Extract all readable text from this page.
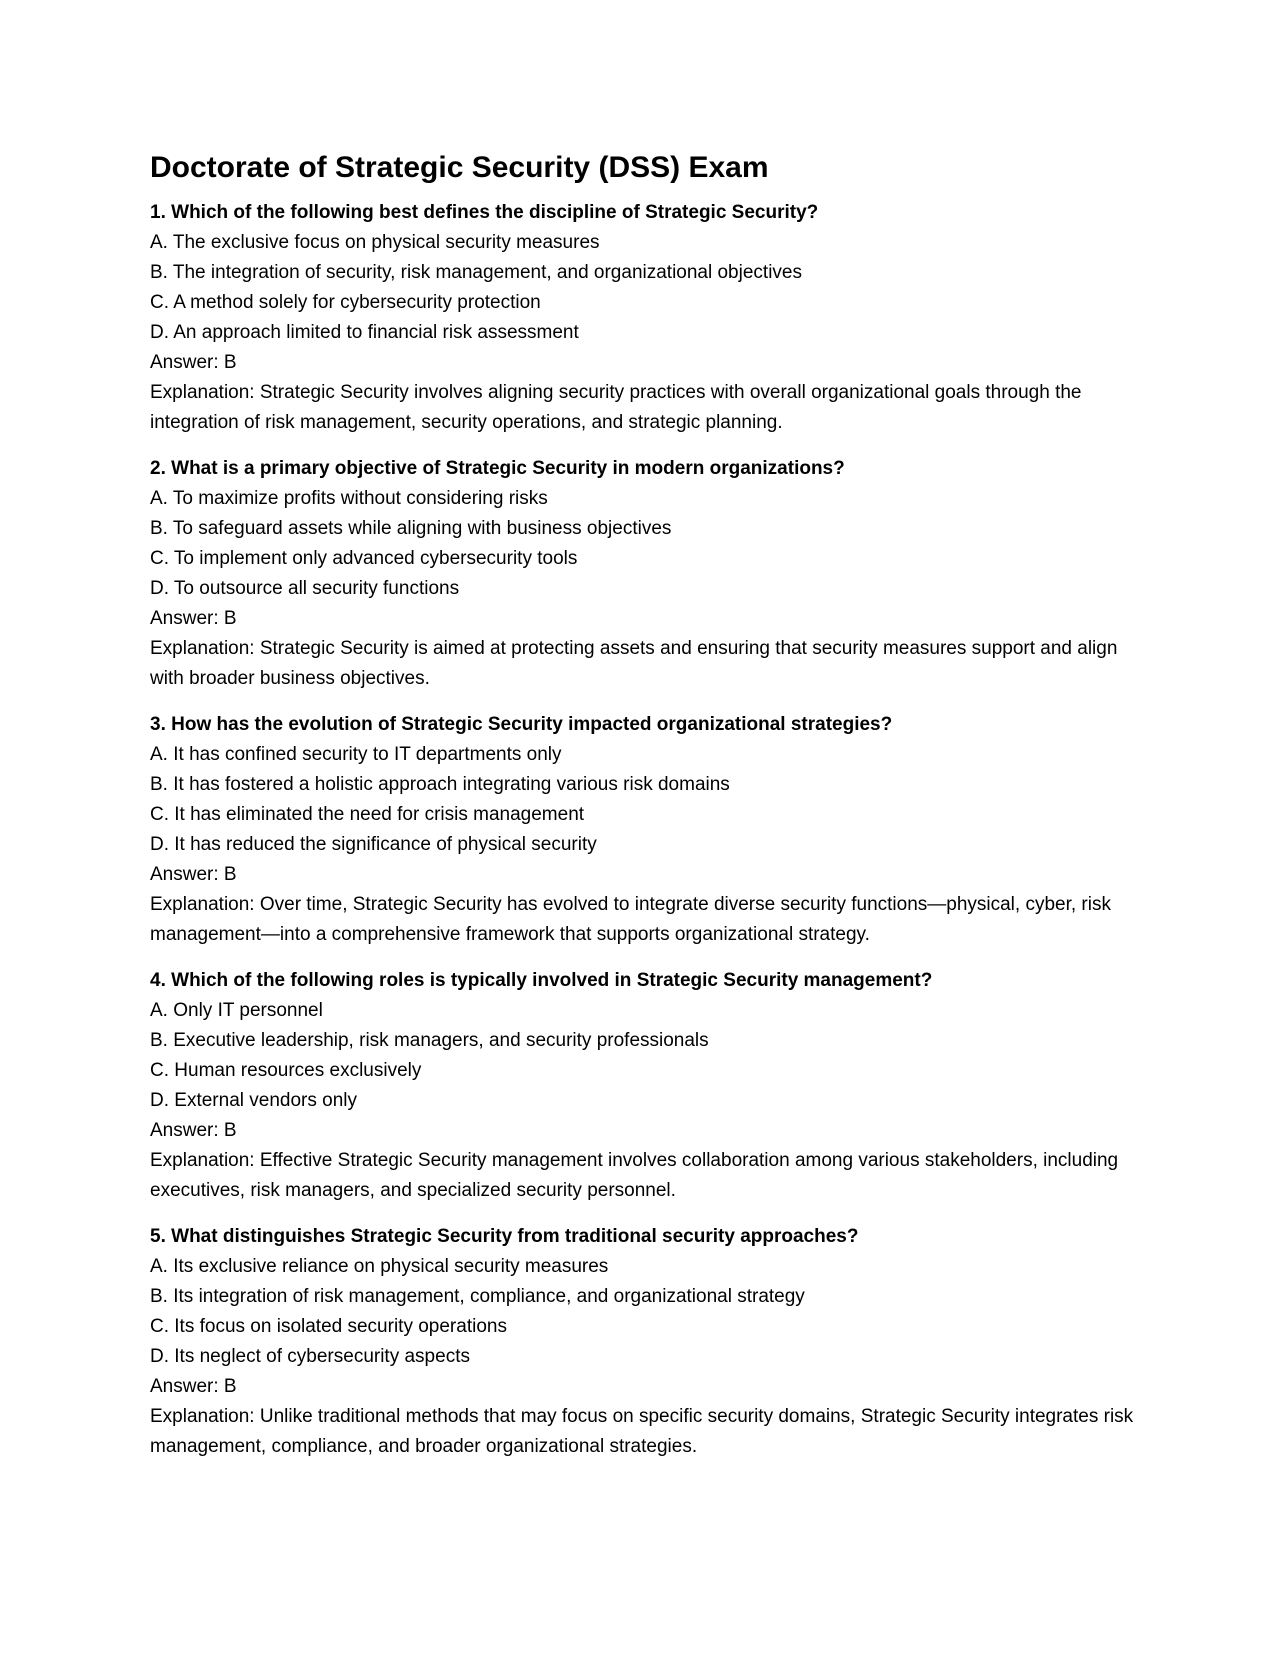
Doctorate of Strategic Security (DSS) Exam
1 . Which of the following best defines the discipline of Strategic Security?
A. The exclusive focus on physical security measures
B. The integration of security, risk management, and organizational objectives
C. A method solely for cybersecurity protection
D. An approach limited to financial risk assessment
Answer: B
Explanation: Strategic Security involves aligning security practices with overall organizational goals through the integration of risk management, security operations, and strategic planning.
2 . What is a primary objective of Strategic Security in modern organizations?
A. To maximize profits without considering risks
B. To safeguard assets while aligning with business objectives
C. To implement only advanced cybersecurity tools
D. To outsource all security functions
Answer: B
Explanation: Strategic Security is aimed at protecting assets and ensuring that security measures support and align with broader business objectives.
3 . How has the evolution of Strategic Security impacted organizational strategies?
A. It has confined security to IT departments only
B. It has fostered a holistic approach integrating various risk domains
C. It has eliminated the need for crisis management
D. It has reduced the significance of physical security
Answer: B
Explanation: Over time, Strategic Security has evolved to integrate diverse security functions—physical, cyber, risk management—into a comprehensive framework that supports organizational strategy.
4 . Which of the following roles is typically involved in Strategic Security management?
A. Only IT personnel
B. Executive leadership, risk managers, and security professionals
C. Human resources exclusively
D. External vendors only
Answer: B
Explanation: Effective Strategic Security management involves collaboration among various stakeholders, including executives, risk managers, and specialized security personnel.
5 . What distinguishes Strategic Security from traditional security approaches?
A. Its exclusive reliance on physical security measures
B. Its integration of risk management, compliance, and organizational strategy
C. Its focus on isolated security operations
D. Its neglect of cybersecurity aspects
Answer: B
Explanation: Unlike traditional methods that may focus on specific security domains, Strategic Security integrates risk management, compliance, and broader organizational strategies.
